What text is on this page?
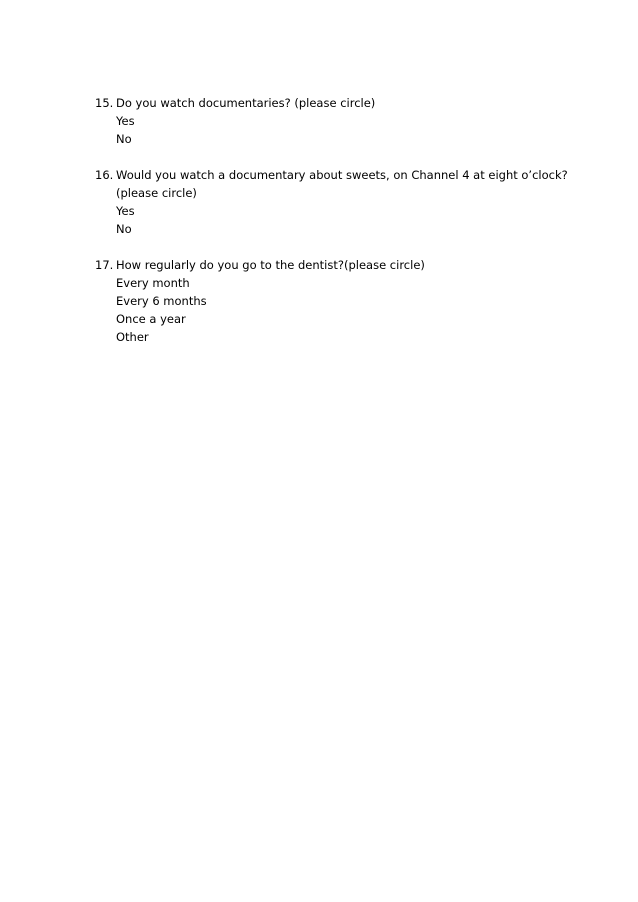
15. Do you watch documentaries? (please circle)
Yes
No
16. Would you watch a documentary about sweets, on Channel 4 at eight o’clock?
(please circle)
Yes
No
17. How regularly do you go to the dentist?(please circle)
Every month
Every 6 months
Once a year
Other
